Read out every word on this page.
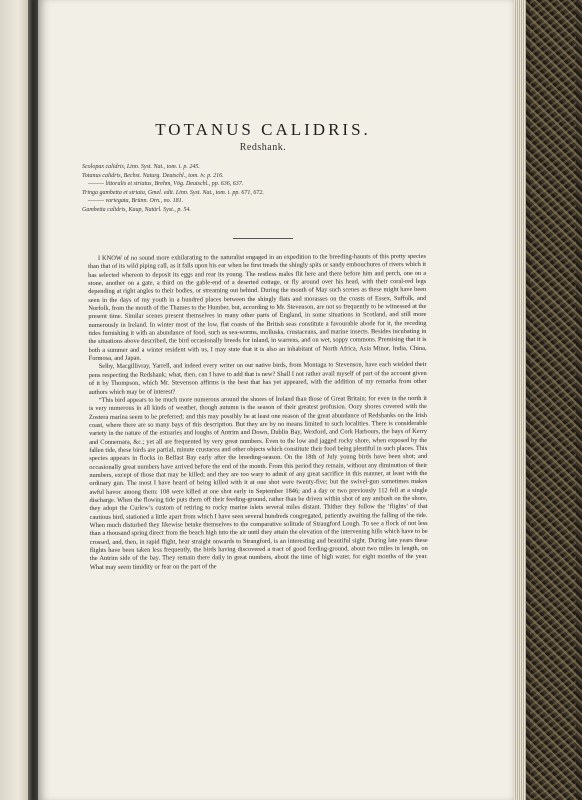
TOTANUS CALIDRIS.
Redshank.
Scolopax calidris, Linn. Syst. Nat., tom. i. p. 245.
Totanus calidris, Bechst. Naturg. Deutschl., tom. iv. p. 216.
——— littoralis et striatus, Brehm, Vög. Deutschl., pp. 636, 637.
Tringa gambetta et striata, Gmel. edit. Linn. Syst. Nat., tom. i. pp. 671, 672.
——— variegata, Brünn. Orn., no. 181.
Gambetta calidris, Kaup, Natürl. Syst., p. 54.

I KNOW of no sound more exhilarating to the naturalist engaged in an expedition to the breeding-haunts of this pretty species than that of its wild piping call, as it falls upon his ear when he first treads the shingly spits or sandy embouchures of rivers which it has selected whereon to deposit its eggs and rear its young. The restless males flit here and there before him and perch, one on a stone, another on a gate, a third on the gable-end of a deserted cottage, or fly around over his head, with their coral-red legs depending at right angles to their bodies, or streaming out behind. During the month of May such scenes as these might have been seen in the days of my youth in a hundred places between the shingly flats and morasses on the coasts of Essex, Suffolk, and Norfolk, from the mouth of the Thames to the Humber, but, according to Mr. Stevenson, are not so frequently to be witnessed at the present time. Similar scenes present themselves in many other parts of England, in some situations in Scotland, and still more numerously in Ireland. In winter most of the low, flat coasts of the British seas constitute a favourable abode for it, the receding tides furnishing it with an abundance of food, such as sea-worms, mollusks, crustaceans, and marine insects. Besides incubating in the situations above described, the bird occasionally breeds for inland, in warrens, and on wet, soppy commons. Premising that it is both a summer and a winter resident with us, I may state that it is also an inhabitant of North Africa, Asia Minor, India, China, Formosa, and Japan.

Selby, Macgillivray, Yarrell, and indeed every writer on our native birds, from Montagu to Stevenson, have each wielded their pens respecting the Redshank; what, then, can I have to add that is new? Shall I not rather avail myself of part of the account given of it by Thompson, which Mr. Stevenson affirms is the best that has yet appeared, with the addition of my remarks from other authors which may be of interest?

“This bird appears to be much more numerous around the shores of Ireland than those of Great Britain; for even in the north it is very numerous in all kinds of weather, though autumn is the season of their greatest profusion. Oozy shores covered with the Zostera marina seem to be preferred; and this may possibly be at least one reason of the great abundance of Redshanks on the Irish coast, where there are so many bays of this description. But they are by no means limited to such localities. There is considerable variety in the nature of the estuaries and loughs of Antrim and Down, Dublin Bay, Wexford, and Cork Harbours, the bays of Kerry and Connemara, &c.; yet all are frequented by very great numbers. Even to the low and jagged rocky shore, when exposed by the fallen tide, these birds are partial, minute crustacea and other objects which constitute their food being plentiful in such places. This species appears in flocks in Belfast Bay early after the breeding-season. On the 18th of July young birds have been shot; and occasionally great numbers have arrived before the end of the month. From this period they remain, without any diminution of their numbers, except of those that may be killed; and they are too wary to admit of any great sacrifice in this manner, at least with the ordinary gun. The most I have heard of being killed with it at one shot were twenty-five; but the swivel-gun sometimes makes awful havoc among them: 108 were killed at one shot early in September 1846; and a day or two previously 112 fell at a single discharge. When the flowing tide puts them off their feeding-ground, rather than be driven within shot of any ambush on the shore, they adopt the Curlew’s custom of retiring to rocky marine islets several miles distant. Thither they follow the ‘flights’ of that cautious bird, stationed a little apart from which I have seen several hundreds congregated, patiently awaiting the falling of the tide. When much disturbed they likewise betake themselves to the comparative solitude of Strangford Lough. To see a flock of not less than a thousand spring direct from the beach high into the air until they attain the elevation of the intervening hills which have to be crossed, and, then, in rapid flight, bear straight onwards to Strangford, is an interesting and beautiful sight. During late years these flights have been taken less frequently, the birds having discovered a tract of good feeding-ground, about two miles in length, on the Antrim side of the bay. They remain there daily in great numbers, about the time of high water, for eight months of the year. What may seem timidity or fear on the part of the
